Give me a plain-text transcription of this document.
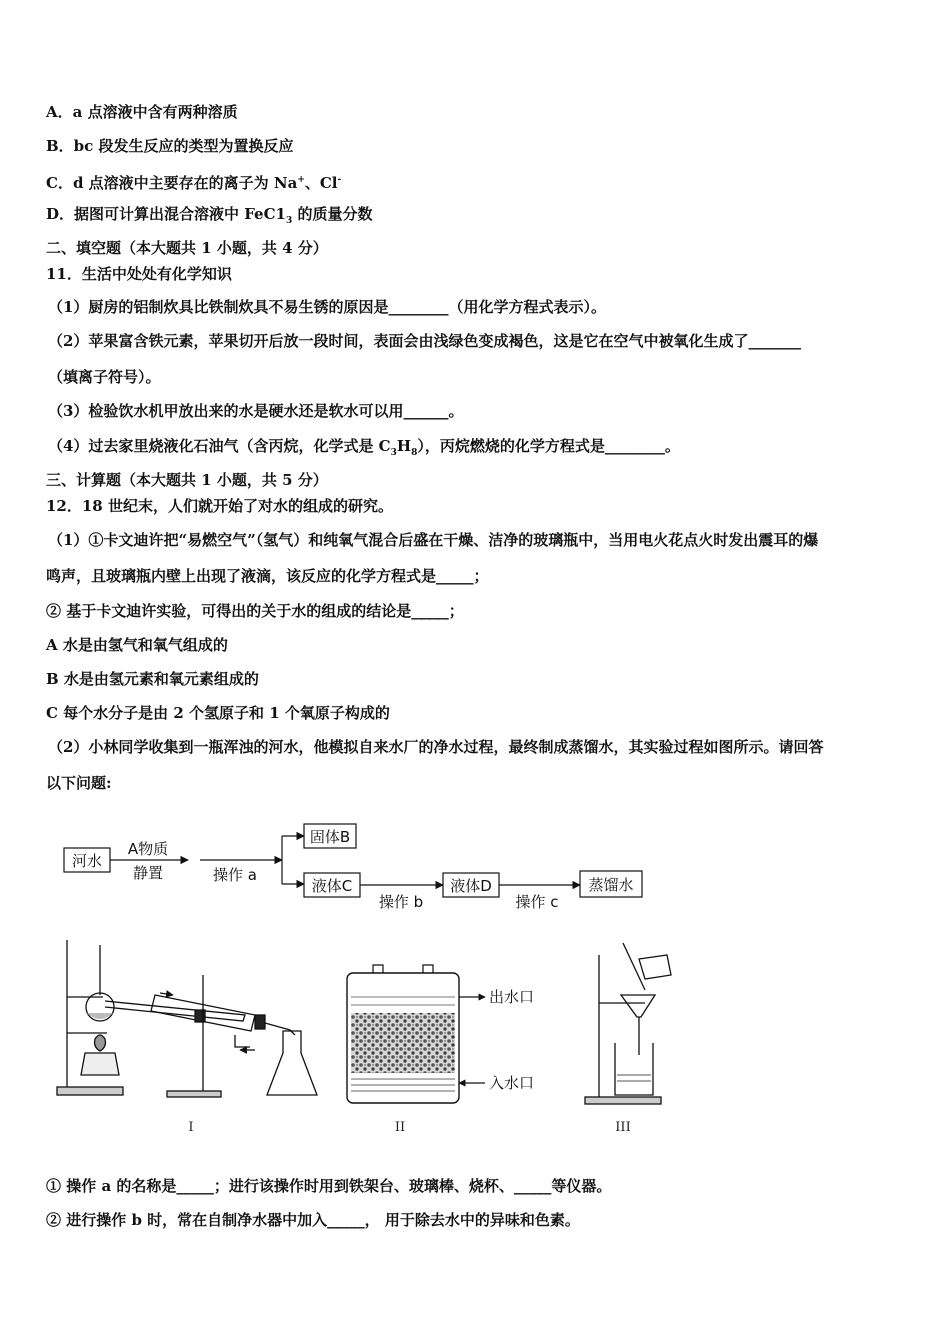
A．a 点溶液中含有两种溶质
B．bc 段发生反应的类型为置换反应
C．d 点溶液中主要存在的离子为 Na+、Cl-
D．据图可计算出混合溶液中 $FeC1_3$ 的质量分数
二、填空题（本大题共 1 小题，共 4 分）
11．生活中处处有化学知识
（1）厨房的铝制炊具比铁制炊具不易生锈的原因是________（用化学方程式表示）。
（2）苹果富含铁元素，苹果切开后放一段时间，表面会由浅绿色变成褐色，这是它在空气中被氧化生成了_______
（填离子符号）。
（3）检验饮水机甲放出来的水是硬水还是软水可以用______。
（4）过去家里烧液化石油气（含丙烷，化学式是 $C_3H_8$），丙烷燃烧的化学方程式是________。
三、计算题（本大题共 1 小题，共 5 分）
12．18 世纪末，人们就开始了对水的组成的研究。
（1）①卡文迪许把“易燃空气”（氢气）和纯氧气混合后盛在干燥、洁净的玻璃瓶中，当用电火花点火时发出震耳的爆
鸣声，且玻璃瓶内壁上出现了液滴，该反应的化学方程式是_____；
② 基于卡文迪许实验，可得出的关于水的组成的结论是_____；
A 水是由氢气和氧气组成的
B 水是由氢元素和氧元素组成的
C 每个水分子是由 2 个氢原子和 1 个氧原子构成的
（2）小林同学收集到一瓶浑浊的河水，他模拟自来水厂的净水过程，最终制成蒸馏水，其实验过程如图所示。请回答
以下问题:
河水
A物质
静置	操作 a
固体B
液体C
操作 b
液体D
操作 c
蒸馏水
I
出水口
入水口
II	III
① 操作 a 的名称是_____；进行该操作时用到铁架台、玻璃棒、烧杯、_____等仪器。
② 进行操作 b 时，常在自制净水器中加入_____， 用于除去水中的异味和色素。
